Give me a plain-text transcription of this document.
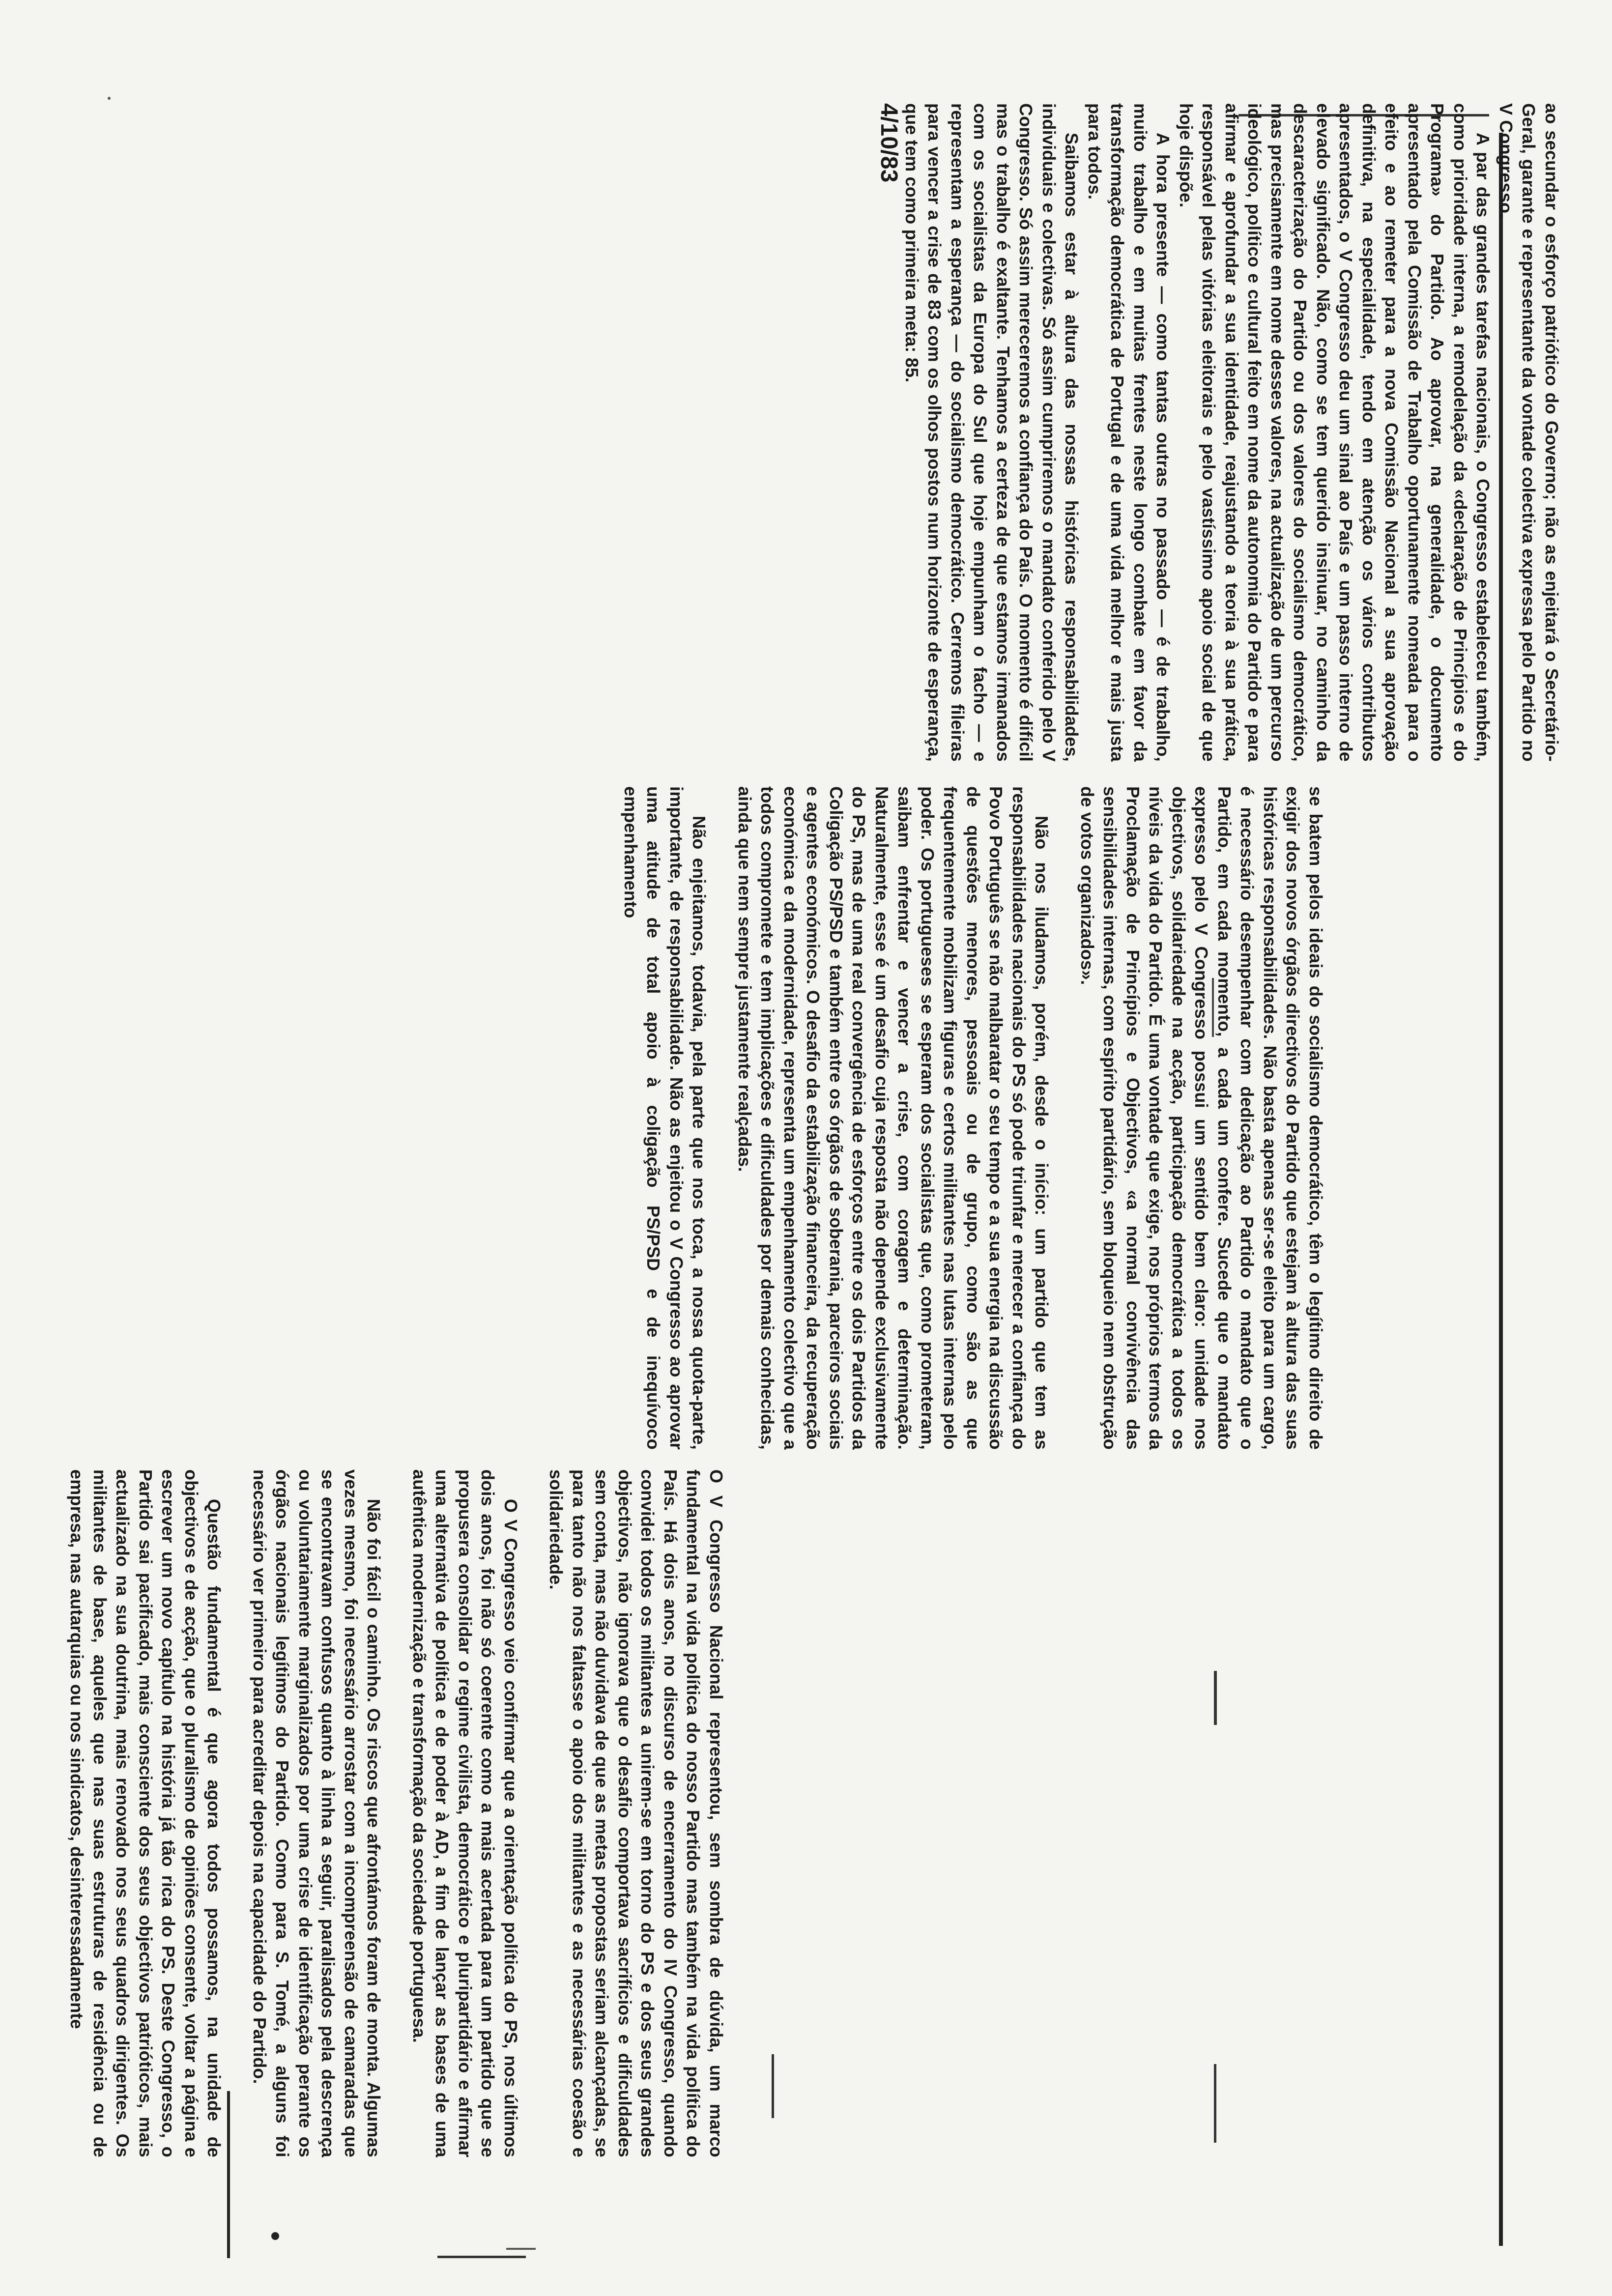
O V Congresso Nacional representou, sem sombra de dúvida, um marco fundamental na vida política do nosso Partido mas também na vida política do País. Há dois anos, no discurso de encerramento do IV Congresso, quando convidei todos os militantes a unirem-se em torno do PS e dos seus grandes objectivos, não ignorava que o desafio comportava sacrifícios e dificuldades sem conta, mas não duvidava de que as metas propostas seriam alcançadas, se para tanto não nos faltasse o apoio dos militantes e as necessárias coesão e solidariedade.

O V Congresso veio confirmar que a orientação política do PS, nos últimos dois anos, foi não só coerente como a mais acertada para um partido que se propusera consolidar o regime civilista, democrático e pluripartidário e afirmar uma alternativa de política e de poder à AD, a fim de lançar as bases de uma autêntica modernização e transformação da sociedade portuguesa.

Não foi fácil o caminho. Os riscos que afrontámos foram de monta. Algumas vezes mesmo, foi necessário arrostar com a incompreensão de camaradas que se encontravam confusos quanto à linha a seguir, paralisados pela descrença ou voluntariamente marginalizados por uma crise de identificação perante os órgãos nacionais legítimos do Partido. Como para S. Tomé, a alguns foi necessário ver primeiro para acreditar depois na capacidade do Partido.

Questão fundamental é que agora todos possamos, na unidade de objectivos e de acção, que o pluralismo de opiniões consente, voltar a página e escrever um novo capítulo na história já tão rica do PS. Deste Congresso, o Partido sai pacificado, mais consciente dos seus objectivos patrióticos, mais actualizado na sua doutrina, mais renovado nos seus quadros dirigentes. Os militantes de base, aqueles que nas suas estruturas de residência ou de empresa, nas autarquias ou nos sindicatos, desinteressadamente

se batem pelos ideais do socialismo democrático, têm o legítimo direito de exigir dos novos órgãos directivos do Partido que estejam à altura das suas históricas responsabilidades. Não basta apenas ser-se eleito para um cargo, é necessário desempenhar com dedicação ao Partido o mandato que o Partido, em cada momento, a cada um confere. Sucede que o mandato expresso pelo V Congresso possui um sentido bem claro: unidade nos objectivos, solidariedade na acção, participação democrática a todos os níveis da vida do Partido. É uma vontade que exige, nos próprios termos da Proclamação de Princípios e Objectivos, «a normal convivência das sensibilidades internas, com espírito partidário, sem bloqueio nem obstrução de votos organizados».

Não nos iludamos, porém, desde o início: um partido que tem as responsabilidades nacionais do PS só pode triunfar e merecer a confiança do Povo Português se não malbaratar o seu tempo e a sua energia na discussão de questões menores, pessoais ou de grupo, como são as que frequentemente mobilizam figuras e certos militantes nas lutas internas pelo poder. Os portugueses se esperam dos socialistas que, como prometeram, saibam enfrentar e vencer a crise, com coragem e determinação. Naturalmente, esse é um desafio cuja resposta não depende exclusivamente do PS, mas de uma real convergência de esforços entre os dois Partidos da Coligação PS/PSD e também entre os órgãos de soberania, parceiros sociais e agentes económicos. O desafio da estabilização financeira, da recuperação económica e da modernidade, representa um empenhamento colectivo que a todos compromete e tem implicações e dificuldades por demais conhecidas, ainda que nem sempre justamente realçadas.

Não enjeitamos, todavia, pela parte que nos toca, a nossa quota-parte, importante, de responsabilidade. Não as enjeitou o V Congresso ao aprovar uma atitude de total apoio à coligação PS/PSD e de inequívoco empenhamento

ao secundar o esforço patriótico do Governo; não as enjeitará o Secretário-Geral, garante e representante da vontade colectiva expressa pelo Partido no V Congresso.

A par das grandes tarefas nacionais, o Congresso estabeleceu também, como prioridade interna, a remodelação da «declaração de Princípios e do Programa» do Partido. Ao aprovar, na generalidade, o documento apresentado pela Comissão de Trabalho oportunamente nomeada para o efeito e ao remeter para a nova Comissão Nacional a sua aprovação definitiva, na especialidade, tendo em atenção os vários contributos apresentados, o V Congresso deu um sinal ao País e um passo interno de elevado significado. Não, como se tem querido insinuar, no caminho da descaracterização do Partido ou dos valores do socialismo democrático, mas precisamente em nome desses valores, na actualização de um percurso ideológico, político e cultural feito em nome da autonomia do Partido e para afirmar e aprofundar a sua identidade, reajustando a teoria à sua prática, responsável pelas vitórias eleitorais e pelo vastíssimo apoio social de que hoje dispõe.

A hora presente — como tantas outras no passado — é de trabalho, muito trabalho e em muitas frentes neste longo combate em favor da transformação democrática de Portugal e de uma vida melhor e mais justa para todos.

Saibamos estar à altura das nossas históricas responsabilidades, individuais e colectivas. Só assim cumpriremos o mandato conferido pelo V Congresso. Só assim mereceremos a confiança do País. O momento é difícil mas o trabalho é exaltante. Tenhamos a certeza de que estamos irmanados com os socialistas da Europa do Sul que hoje empunham o facho — e representam a esperança — do socialismo democrático. Cerremos fileiras para vencer a crise de 83 com os olhos postos num horizonte de esperança, que tem como primeira meta: 85.

4/10/83
